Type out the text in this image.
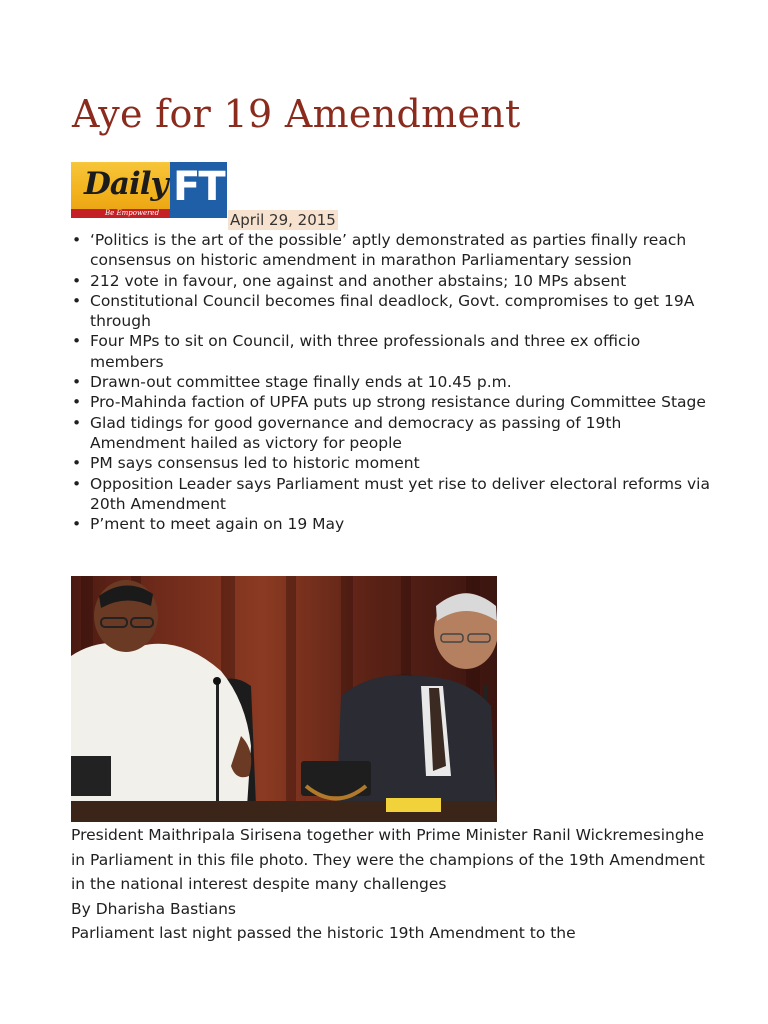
Aye for 19 Amendment
Daily
Be Empowered
FT
April 29, 2015
• ‘Politics is the art of the possible’ aptly demonstrated as parties finally reach consensus on historic amendment in marathon Parliamentary session
• 212 vote in favour, one against and another abstains; 10 MPs absent
• Constitutional Council becomes final deadlock, Govt. compromises to get 19A through
• Four MPs to sit on Council, with three professionals and three ex officio members
• Drawn-out committee stage finally ends at 10.45 p.m.
• Pro-Mahinda faction of UPFA puts up strong resistance during Committee Stage
• Glad tidings for good governance and democracy as passing of 19th Amendment hailed as victory for people
• PM says consensus led to historic moment
• Opposition Leader says Parliament must yet rise to deliver electoral reforms via 20th Amendment
• P’ment to meet again on 19 May
President Maithripala Sirisena together with Prime Minister Ranil Wickremesinghe in Parliament in this file photo. They were the champions of the 19th Amendment in the national interest despite many challenges
By Dharisha Bastians
Parliament last night passed the historic 19th Amendment to the
